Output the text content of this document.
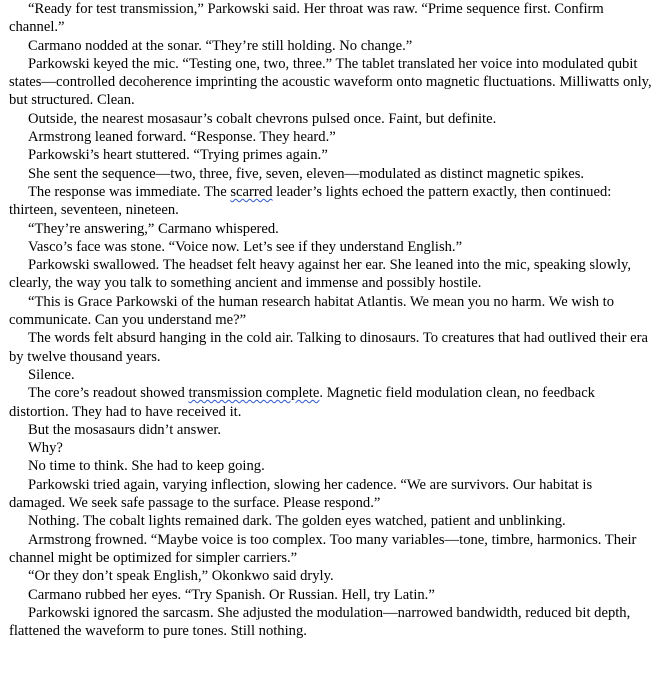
“Ready for test transmission,” Parkowski said. Her throat was raw. “Prime sequence first. Confirm channel.”

Carmano nodded at the sonar. “They’re still holding. No change.”

Parkowski keyed the mic. “Testing one, two, three.” The tablet translated her voice into modulated qubit states—controlled decoherence imprinting the acoustic waveform onto magnetic fluctuations. Milliwatts only, but structured. Clean.

Outside, the nearest mosasaur’s cobalt chevrons pulsed once. Faint, but definite.

Armstrong leaned forward. “Response. They heard.”

Parkowski’s heart stuttered. “Trying primes again.”

She sent the sequence—two, three, five, seven, eleven—modulated as distinct magnetic spikes.

The response was immediate. The scarred leader’s lights echoed the pattern exactly, then continued: thirteen, seventeen, nineteen.

“They’re answering,” Carmano whispered.

Vasco’s face was stone. “Voice now. Let’s see if they understand English.”

Parkowski swallowed. The headset felt heavy against her ear. She leaned into the mic, speaking slowly, clearly, the way you talk to something ancient and immense and possibly hostile.

“This is Grace Parkowski of the human research habitat Atlantis. We mean you no harm. We wish to communicate. Can you understand me?”

The words felt absurd hanging in the cold air. Talking to dinosaurs. To creatures that had outlived their era by twelve thousand years.

Silence.

The core’s readout showed transmission complete. Magnetic field modulation clean, no feedback distortion. They had to have received it.

But the mosasaurs didn’t answer.

Why?

No time to think. She had to keep going.

Parkowski tried again, varying inflection, slowing her cadence. “We are survivors. Our habitat is damaged. We seek safe passage to the surface. Please respond.”

Nothing. The cobalt lights remained dark. The golden eyes watched, patient and unblinking.

Armstrong frowned. “Maybe voice is too complex. Too many variables—tone, timbre, harmonics. Their channel might be optimized for simpler carriers.”

“Or they don’t speak English,” Okonkwo said dryly.

Carmano rubbed her eyes. “Try Spanish. Or Russian. Hell, try Latin.”

Parkowski ignored the sarcasm. She adjusted the modulation—narrowed bandwidth, reduced bit depth, flattened the waveform to pure tones. Still nothing.
